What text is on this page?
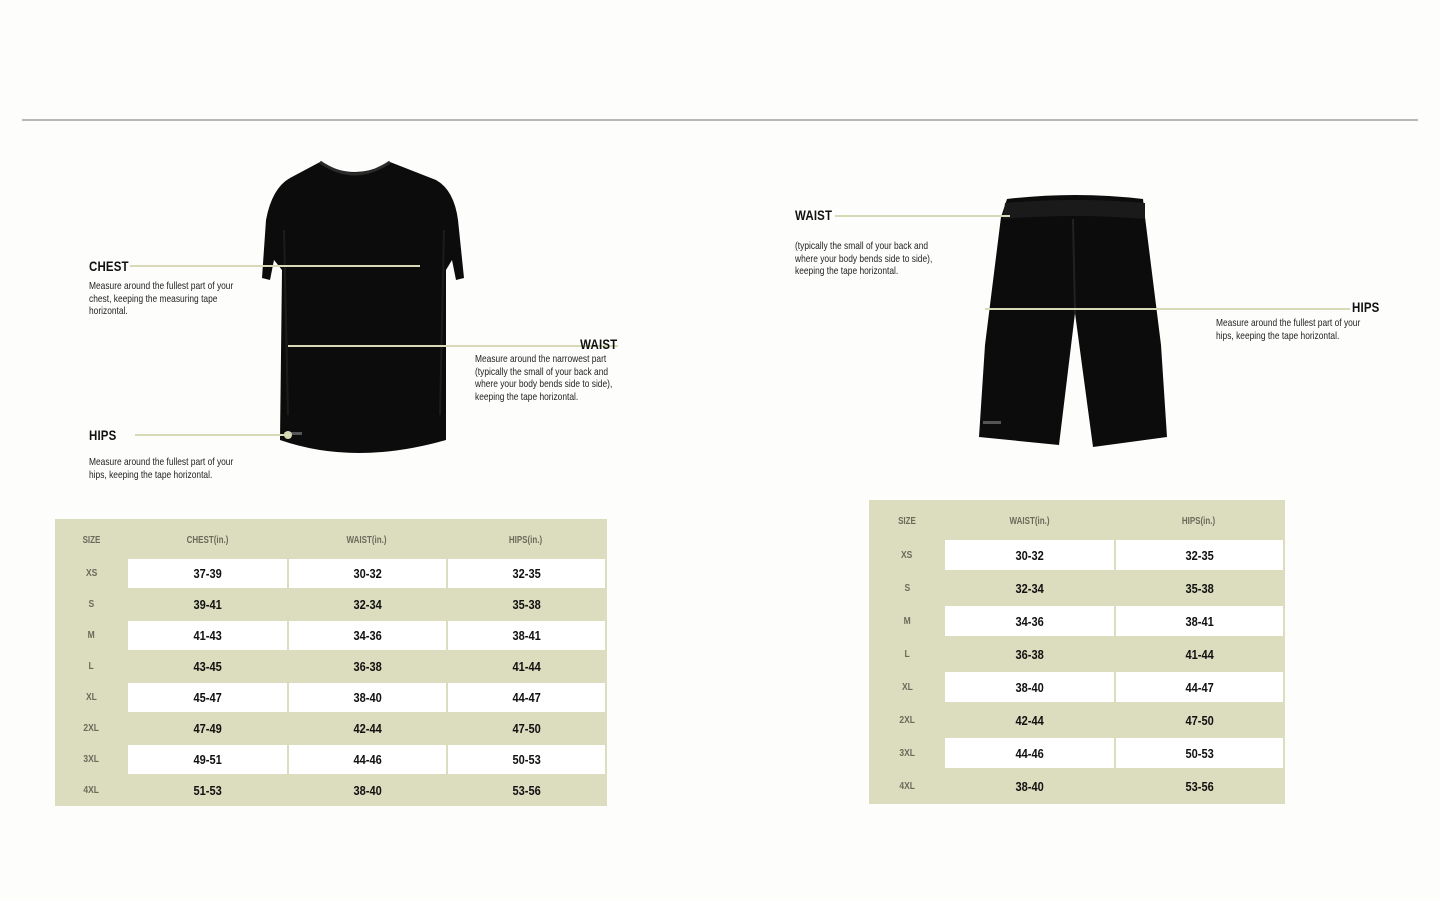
CHEST
Measure around the fullest part of your
chest, keeping the measuring tape
horizontal.
WAIST
Measure around the narrowest part
(typically the small of your back and
where your body bends side to side),
keeping the tape horizontal.
HIPS
Measure around the fullest part of your
hips, keeping the tape horizontal.
SIZE	CHEST(in.)	WAIST(in.)	HIPS(in.)
XS	37-39	30-32	32-35
S	39-41	32-34	35-38
M	41-43	34-36	38-41
L	43-45	36-38	41-44
XL	45-47	38-40	44-47
2XL	47-49	42-44	47-50
3XL	49-51	44-46	50-53
4XL	51-53	38-40	53-56
WAIST
(typically the small of your back and
where your body bends side to side),
keeping the tape horizontal.
HIPS
Measure around the fullest part of your
hips, keeping the tape horizontal.
SIZE	WAIST(in.)	HIPS(in.)
XS	30-32	32-35
S	32-34	35-38
M	34-36	38-41
L	36-38	41-44
XL	38-40	44-47
2XL	42-44	47-50
3XL	44-46	50-53
4XL	38-40	53-56
